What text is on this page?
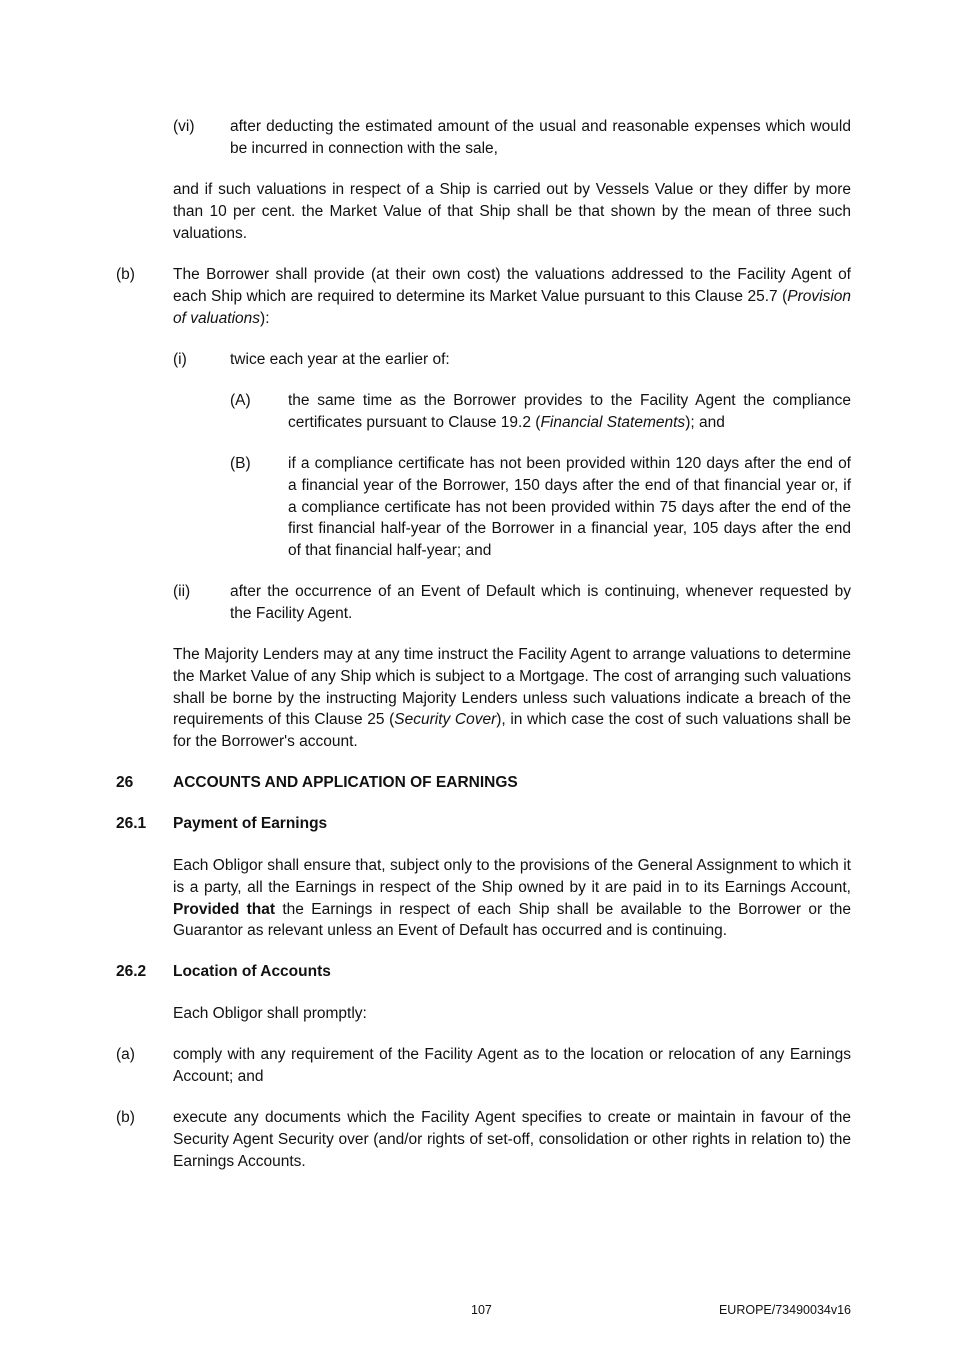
(vi) after deducting the estimated amount of the usual and reasonable expenses which would be incurred in connection with the sale,
and if such valuations in respect of a Ship is carried out by Vessels Value or they differ by more than 10 per cent. the Market Value of that Ship shall be that shown by the mean of three such valuations.
(b) The Borrower shall provide (at their own cost) the valuations addressed to the Facility Agent of each Ship which are required to determine its Market Value pursuant to this Clause 25.7 (Provision of valuations):
(i)	twice each year at the earlier of:
(A) the same time as the Borrower provides to the Facility Agent the compliance certificates pursuant to Clause 19.2 (Financial Statements); and
(B) if a compliance certificate has not been provided within 120 days after the end of a financial year of the Borrower, 150 days after the end of that financial year or, if a compliance certificate has not been provided within 75 days after the end of the first financial half-year of the Borrower in a financial year, 105 days after the end of that financial half-year; and
(ii)	after the occurrence of an Event of Default which is continuing, whenever requested by the Facility Agent.
The Majority Lenders may at any time instruct the Facility Agent to arrange valuations to determine the Market Value of any Ship which is subject to a Mortgage. The cost of arranging such valuations shall be borne by the instructing Majority Lenders unless such valuations indicate a breach of the requirements of this Clause 25 (Security Cover), in which case the cost of such valuations shall be for the Borrower's account.
26	ACCOUNTS AND APPLICATION OF EARNINGS
26.1 Payment of Earnings
Each Obligor shall ensure that, subject only to the provisions of the General Assignment to which it is a party, all the Earnings in respect of the Ship owned by it are paid in to its Earnings Account, Provided that the Earnings in respect of each Ship shall be available to the Borrower or the Guarantor as relevant unless an Event of Default has occurred and is continuing.
26.2 Location of Accounts
Each Obligor shall promptly:
(a) comply with any requirement of the Facility Agent as to the location or relocation of any Earnings Account; and
(b) execute any documents which the Facility Agent specifies to create or maintain in favour of the Security Agent Security over (and/or rights of set-off, consolidation or other rights in relation to) the Earnings Accounts.
107	EUROPE/73490034v16
